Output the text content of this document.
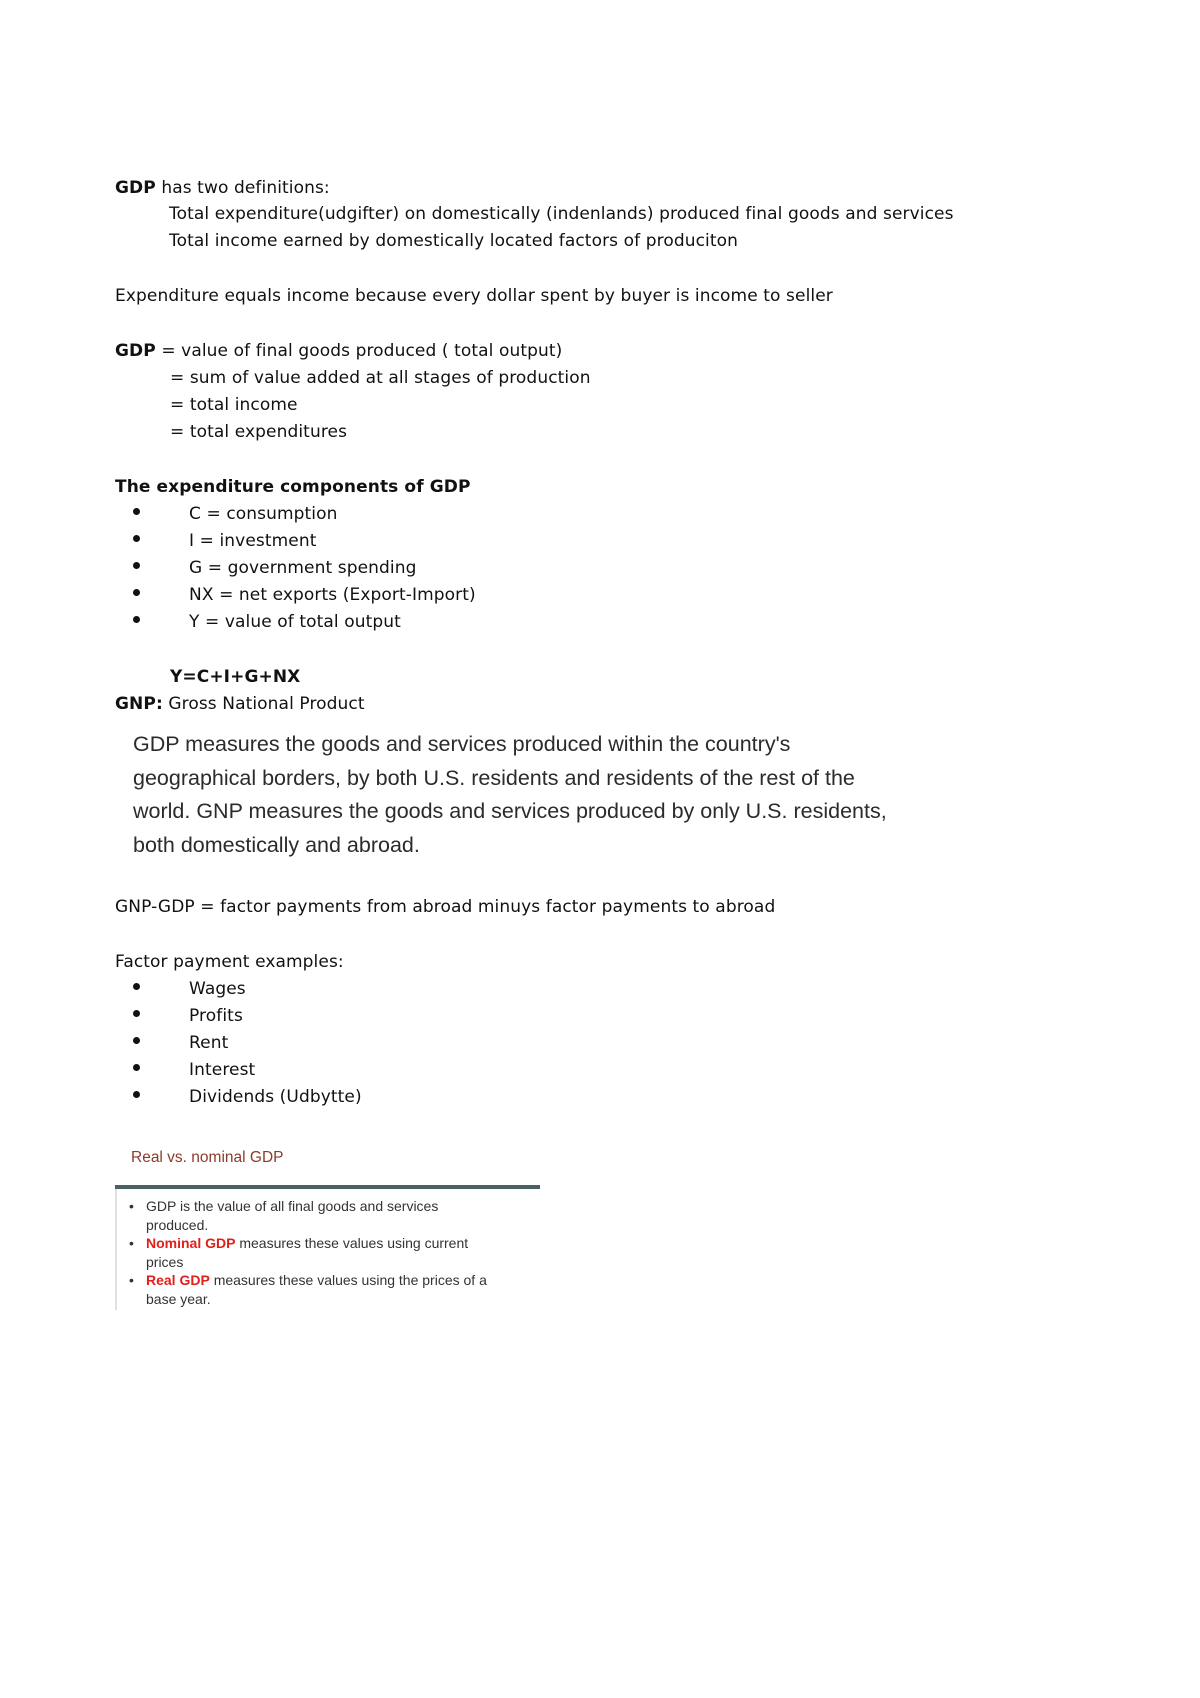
GDP has two definitions:
Total expenditure(udgifter) on domestically (indenlands) produced final goods and services
Total income earned by domestically located factors of produciton
Expenditure equals income because every dollar spent by buyer is income to seller
GDP = value of final goods produced ( total output)
= sum of value added at all stages of production
= total income
= total expenditures
The expenditure components of GDP
C = consumption
I = investment
G = government spending
NX = net exports (Export-Import)
Y = value of total output
Y=C+I+G+NX
GNP: Gross National Product
GDP measures the goods and services produced within the country's
geographical borders, by both U.S. residents and residents of the rest of the
world. GNP measures the goods and services produced by only U.S. residents,
both domestically and abroad.
GNP-GDP = factor payments from abroad minuys factor payments to abroad
Factor payment examples:
Wages
Profits
Rent
Interest
Dividends (Udbytte)
Real vs. nominal GDP
• GDP is the value of all final goods and services
produced.
• Nominal GDP measures these values using current
prices
• Real GDP measures these values using the prices of a
base year.
